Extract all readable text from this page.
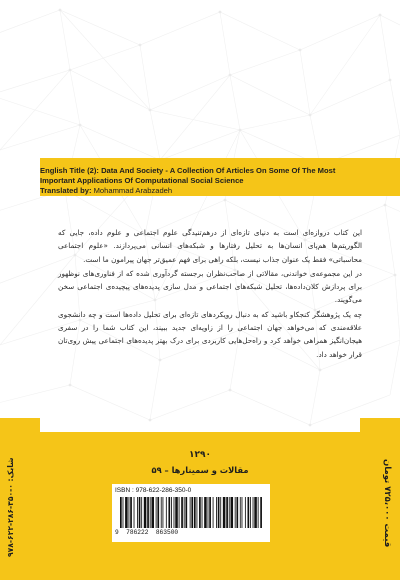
English Title (2): Data And Society - A Collection Of Articles On Some Of The Most
Important Applications Of Computational Social Science
Translated by: Mohammad Arabzadeh

این کتاب دروازه‌ای است به دنیای تازه‌ای از درهم‌تنیدگی علوم اجتماعی و علوم داده، جایی که الگوریتم‌ها هم‌پای انسان‌ها به تحلیل رفتارها و شبکه‌های انسانی می‌پردازند. «علوم اجتماعی محاسباتی» فقط یک عنوان جذاب نیست، بلکه راهی برای فهم عمیق‌تر جهان پیرامون ما است.

در این مجموعه‌ی خواندنی، مقالاتی از صاحب‌نظران برجسته گردآوری شده که از فناوری‌های نوظهور برای پردازش کلان‌داده‌ها، تحلیل شبکه‌های اجتماعی و مدل سازی پدیده‌های پیچیده‌ی اجتماعی سخن می‌گویند.

چه یک پژوهشگر کنجکاو باشید که به دنبال رویکردهای تازه‌ای برای تحلیل داده‌ها است و چه دانشجوی علاقه‌مندی که می‌خواهد جهان اجتماعی را از زاویه‌ای جدید ببیند، این کتاب شما را در سفری هیجان‌انگیز همراهی خواهد کرد و راه‌حل‌هایی کاربردی برای درک بهتر پدیده‌های اجتماعی پیش روی‌تان قرار خواهد داد.

قیمت ۷۲۵،۰۰۰ تومان
شابک: ۰-۳۵۰-۲۸۶-۶۲۲-۹۷۸
۱۲۹۰
مقالات و سمینارها – ۵۹
ISBN : 978-622-286-350-0
9  786222  863500
